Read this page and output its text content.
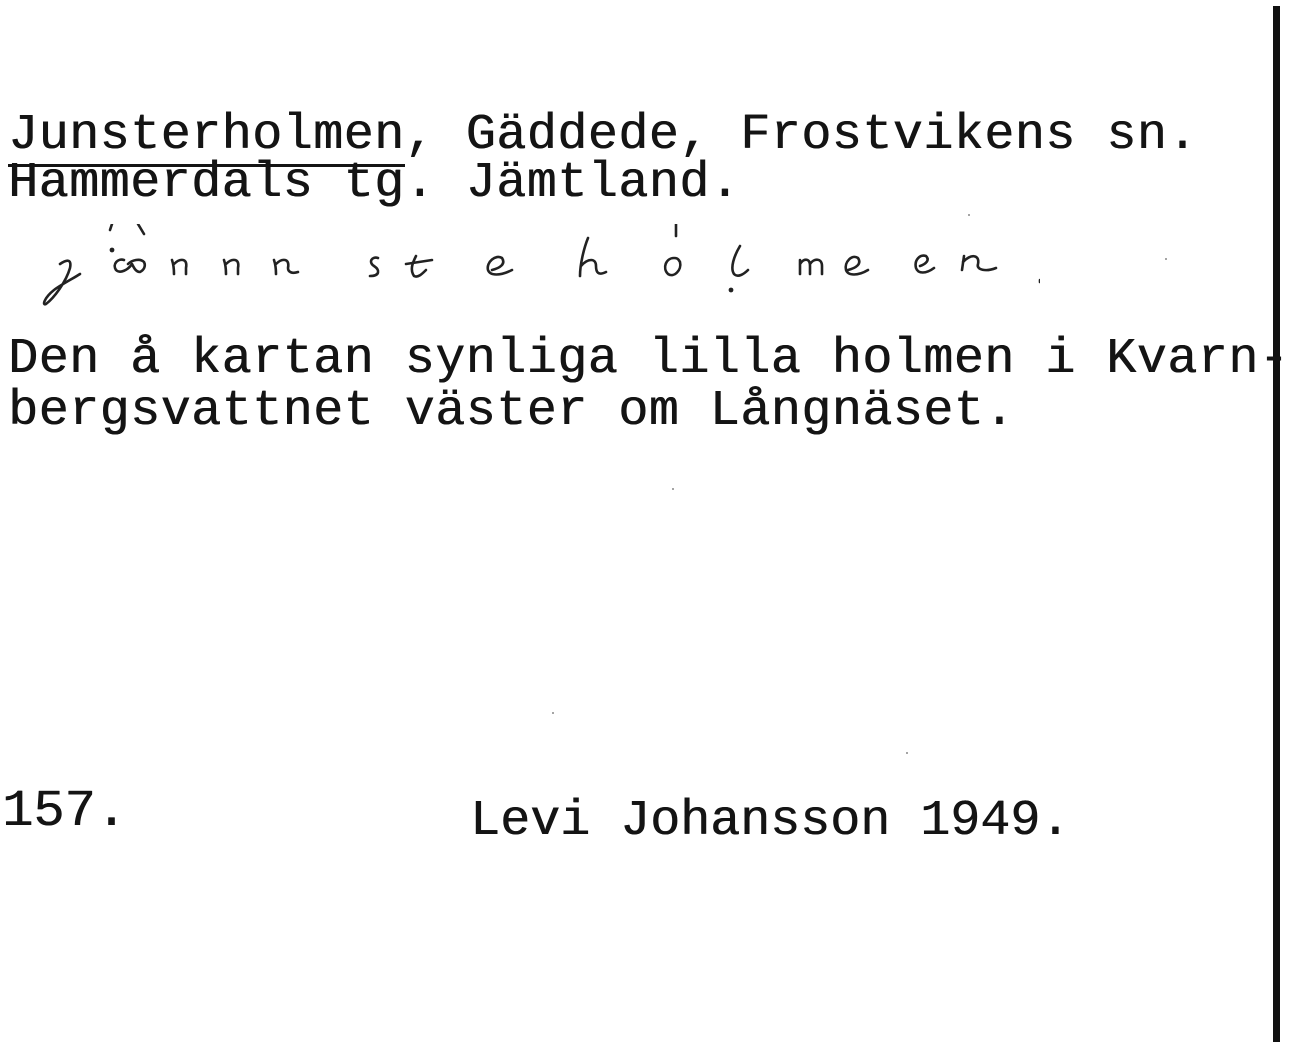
Junsterholmen, Gäddede, Frostvikens sn.
Hammerdals tg. Jämtland.
Den å kartan synliga lilla holmen i Kvarn-
bergsvattnet väster om Långnäset.
157.	Levi Johansson 1949.
